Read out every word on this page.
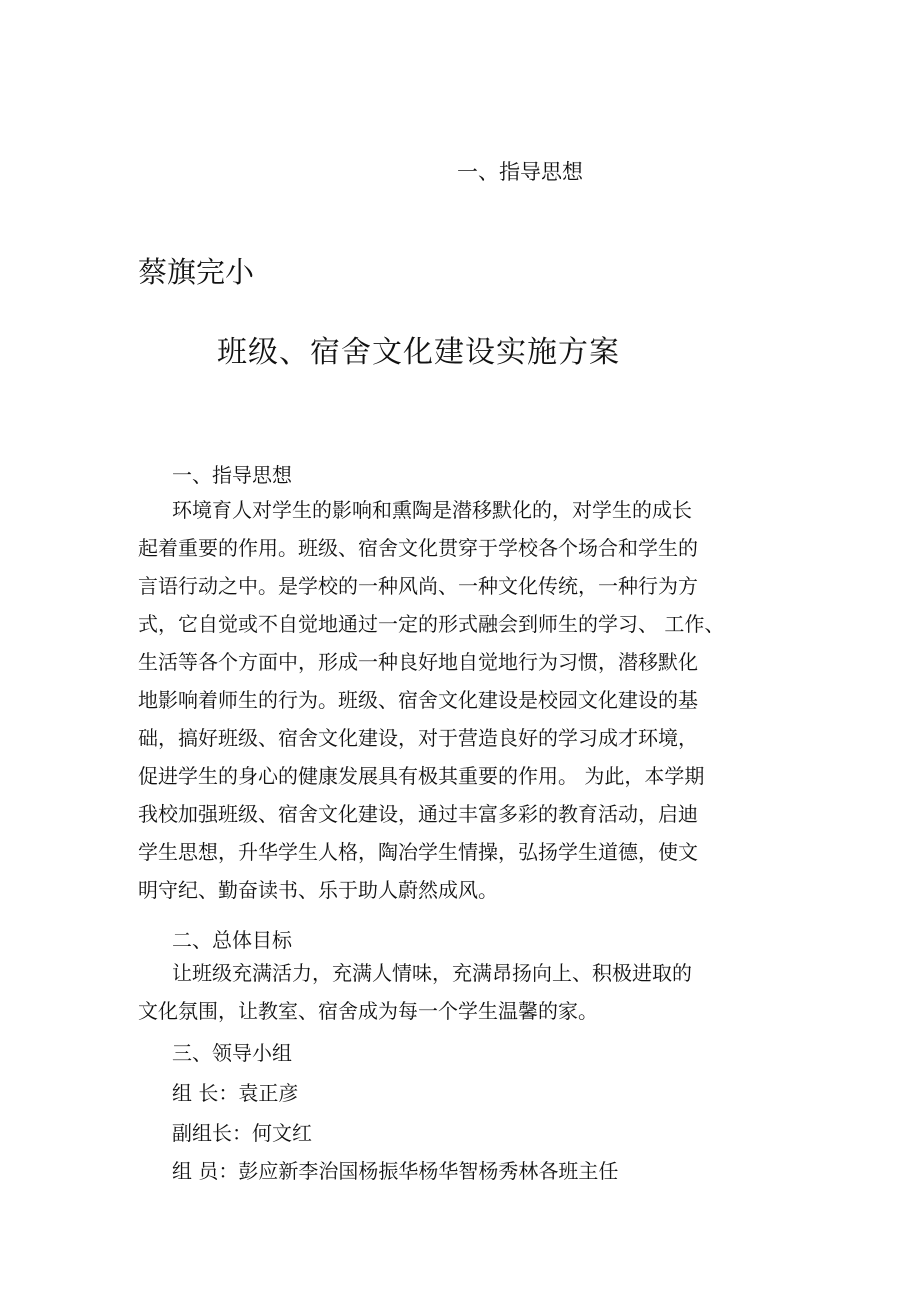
一、指导思想
蔡旗完小
班级、宿舍文化建设实施方案
一、指导思想
环境育人对学生的影响和熏陶是潜移默化的，对学生的成长
起着重要的作用。班级、宿舍文化贯穿于学校各个场合和学生的
言语行动之中。是学校的一种风尚、一种文化传统，一种行为方
式，它自觉或不自觉地通过一定的形式融会到师生的学习、 工作、
生活等各个方面中，形成一种良好地自觉地行为习惯，潜移默化
地影响着师生的行为。班级、宿舍文化建设是校园文化建设的基
础，搞好班级、宿舍文化建设，对于营造良好的学习成才环境，
促进学生的身心的健康发展具有极其重要的作用。 为此，本学期
我校加强班级、宿舍文化建设，通过丰富多彩的教育活动，启迪
学生思想，升华学生人格，陶冶学生情操，弘扬学生道德，使文
明守纪、勤奋读书、乐于助人蔚然成风。
二、总体目标
让班级充满活力，充满人情味，充满昂扬向上、积极进取的
文化氛围，让教室、宿舍成为每一个学生温馨的家。
三、领导小组
组 长：袁正彦
副组长：何文红
组 员：彭应新李治国杨振华杨华智杨秀林各班主任
